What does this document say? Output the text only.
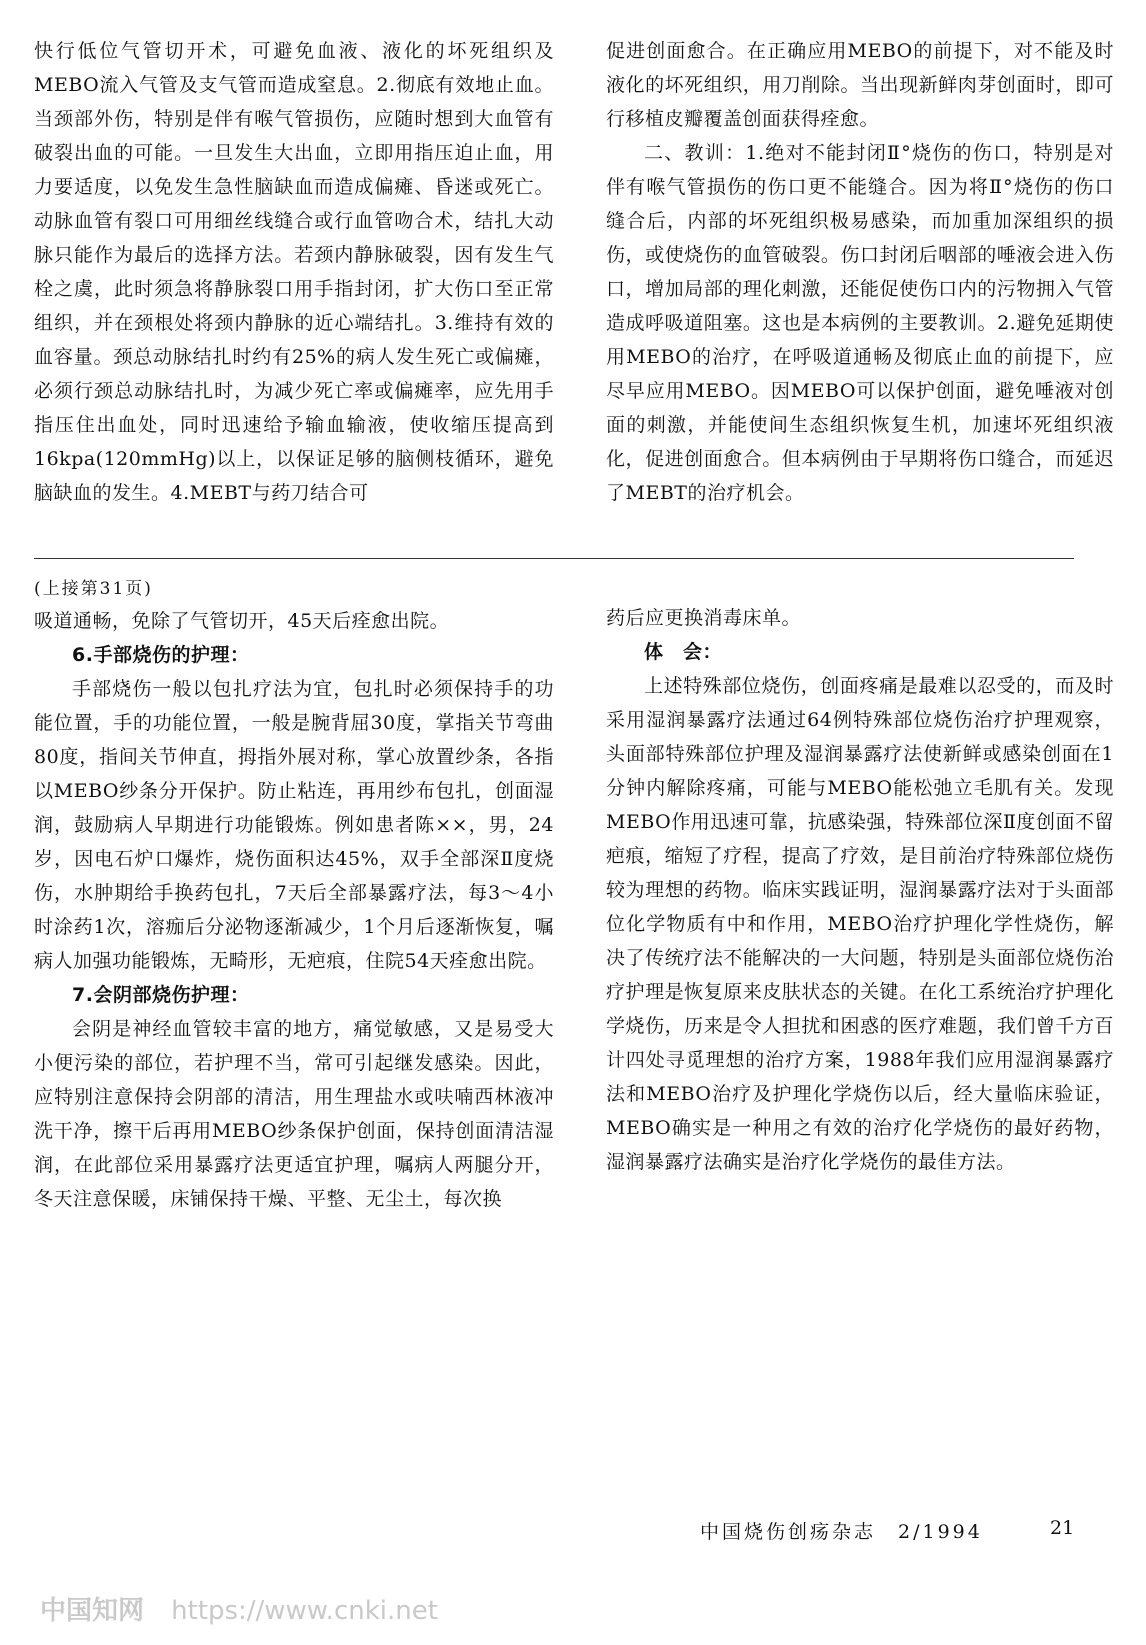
快行低位气管切开术，可避免血液、液化的坏死组织及MEBO流入气管及支气管而造成窒息。2.彻底有效地止血。当颈部外伤，特别是伴有喉气管损伤，应随时想到大血管有破裂出血的可能。一旦发生大出血，立即用指压迫止血，用力要适度，以免发生急性脑缺血而造成偏瘫、昏迷或死亡。动脉血管有裂口可用细丝线缝合或行血管吻合术，结扎大动脉只能作为最后的选择方法。若颈内静脉破裂，因有发生气栓之虞，此时须急将静脉裂口用手指封闭，扩大伤口至正常组织，并在颈根处将颈内静脉的近心端结扎。3.维持有效的血容量。颈总动脉结扎时约有25%的病人发生死亡或偏瘫，必须行颈总动脉结扎时，为减少死亡率或偏瘫率，应先用手指压住出血处，同时迅速给予输血输液，使收缩压提高到16kpa(120mmHg)以上，以保证足够的脑侧枝循环，避免脑缺血的发生。4.MEBT与药刀结合可

促进创面愈合。在正确应用MEBO的前提下，对不能及时液化的坏死组织，用刀削除。当出现新鲜肉芽创面时，即可行移植皮瓣覆盖创面获得痊愈。

二、教训：1.绝对不能封闭Ⅱ°烧伤的伤口，特别是对伴有喉气管损伤的伤口更不能缝合。因为将Ⅱ°烧伤的伤口缝合后，内部的坏死组织极易感染，而加重加深组织的损伤，或使烧伤的血管破裂。伤口封闭后咽部的唾液会进入伤口，增加局部的理化刺激，还能促使伤口内的污物拥入气管造成呼吸道阻塞。这也是本病例的主要教训。2.避免延期使用MEBO的治疗，在呼吸道通畅及彻底止血的前提下，应尽早应用MEBO。因MEBO可以保护创面，避免唾液对创面的刺激，并能使间生态组织恢复生机，加速坏死组织液化，促进创面愈合。但本病例由于早期将伤口缝合，而延迟了MEBT的治疗机会。

(上接第31页)

吸道通畅，免除了气管切开，45天后痊愈出院。

6.手部烧伤的护理：

手部烧伤一般以包扎疗法为宜，包扎时必须保持手的功能位置，手的功能位置，一般是腕背屈30度，掌指关节弯曲80度，指间关节伸直，拇指外展对称，掌心放置纱条，各指以MEBO纱条分开保护。防止粘连，再用纱布包扎，创面湿润，鼓励病人早期进行功能锻炼。例如患者陈××，男，24岁，因电石炉口爆炸，烧伤面积达45%，双手全部深Ⅱ度烧伤，水肿期给手换药包扎，7天后全部暴露疗法，每3～4小时涂药1次，溶痂后分泌物逐渐减少，1个月后逐渐恢复，嘱病人加强功能锻炼，无畸形，无疤痕，住院54天痊愈出院。

7.会阴部烧伤护理：

会阴是神经血管较丰富的地方，痛觉敏感，又是易受大小便污染的部位，若护理不当，常可引起继发感染。因此，应特别注意保持会阴部的清洁，用生理盐水或呋喃西林液冲洗干净，擦干后再用MEBO纱条保护创面，保持创面清洁湿润，在此部位采用暴露疗法更适宜护理，嘱病人两腿分开，冬天注意保暖，床铺保持干燥、平整、无尘土，每次换

药后应更换消毒床单。

体　会：

上述特殊部位烧伤，创面疼痛是最难以忍受的，而及时采用湿润暴露疗法通过64例特殊部位烧伤治疗护理观察，头面部特殊部位护理及湿润暴露疗法使新鲜或感染创面在1分钟内解除疼痛，可能与MEBO能松弛立毛肌有关。发现MEBO作用迅速可靠，抗感染强，特殊部位深Ⅱ度创面不留疤痕，缩短了疗程，提高了疗效，是目前治疗特殊部位烧伤较为理想的药物。临床实践证明，湿润暴露疗法对于头面部位化学物质有中和作用，MEBO治疗护理化学性烧伤，解决了传统疗法不能解决的一大问题，特别是头面部位烧伤治疗护理是恢复原来皮肤状态的关键。在化工系统治疗护理化学烧伤，历来是令人担扰和困惑的医疗难题，我们曾千方百计四处寻觅理想的治疗方案，1988年我们应用湿润暴露疗法和MEBO治疗及护理化学烧伤以后，经大量临床验证，MEBO确实是一种用之有效的治疗化学烧伤的最好药物，湿润暴露疗法确实是治疗化学烧伤的最佳方法。

中国烧伤创疡杂志　2/1994	21
中国知网 https://www.cnki.net
